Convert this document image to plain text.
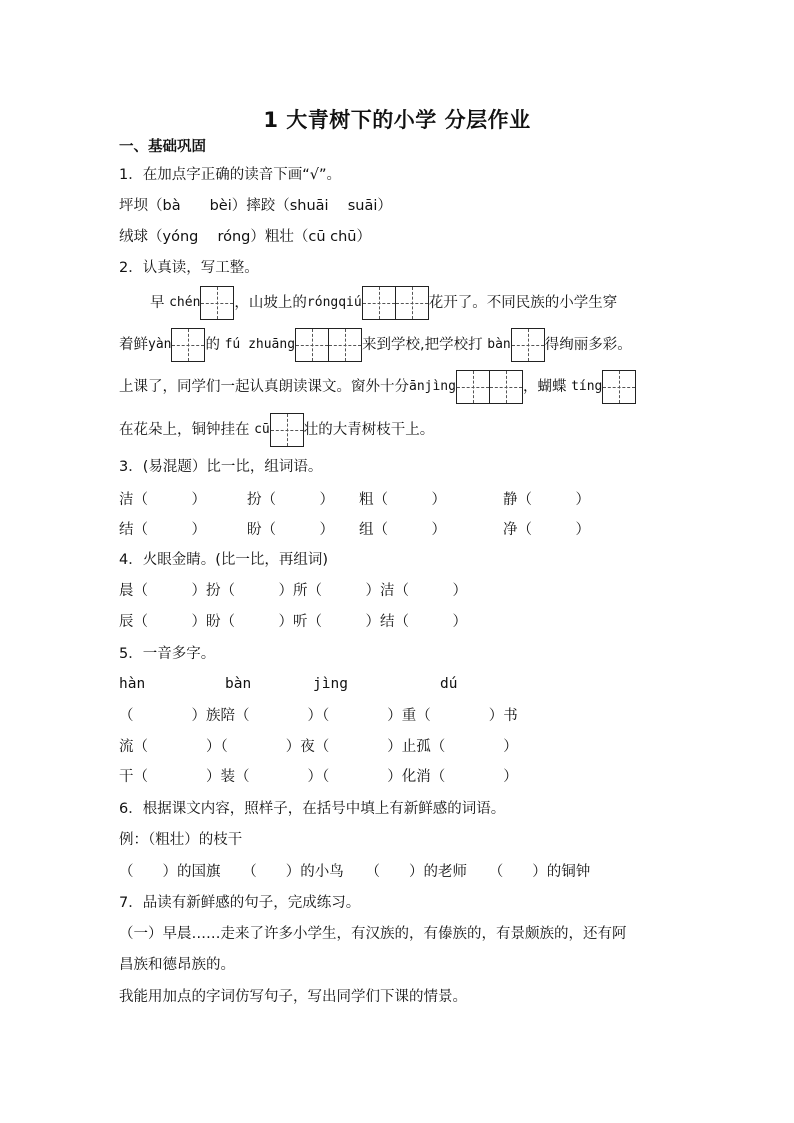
1 大青树下的小学 分层作业
一、基础巩固
1．在加点字正确的读音下画“√”。
坪坝（bà　　bèi）摔跤（shuāi　 suāi）
绒球（yóng　 róng）粗壮（cū chū）
2．认真读，写工整。
早 chén ，山坡上的róngqiú	花开了。不同民族的小学生穿
着鲜yàn 的 fú zhuāng	来到学校,把学校打 bàn 得绚丽多彩。
上课了，同学们一起认真朗读课文。窗外十分ānjìng	，蝴蝶 tíng
在花朵上，铜钟挂在 cū 壮的大青树枝干上。
3．(易混题）比一比，组词语。
洁（　　　）	扮（　　　） 粗（　　　）	静（　　　）
结（　　　）	盼（　　　） 组（　　　）	净（　　　）
4．火眼金睛。(比一比，再组词)
晨（　　　）扮（　　　）所（　　　）洁（　　　）
辰（　　　）盼（　　　）听（　　　）结（　　　）
5．一音多字。
hàn	bàn	jìng	dú
（　　　　）族陪（　　　　）（　　　　）重（　　　　）书
流（　　　　）（　　　　）夜（　　　　）止孤（　　　　）
干（　　　　）装（　　　　）（　　　　）化消（　　　　）
6．根据课文内容，照样子，在括号中填上有新鲜感的词语。
例：（粗壮）的枝干
（　　）的国旗　　（　　）的小鸟　　（　　）的老师　　（　　）的铜钟
7．品读有新鲜感的句子，完成练习。
（一）早晨……走来了许多小学生，有汉族的，有傣族的，有景颇族的，还有阿
昌族和德昂族的。
我能用加点的字词仿写句子，写出同学们下课的情景。
